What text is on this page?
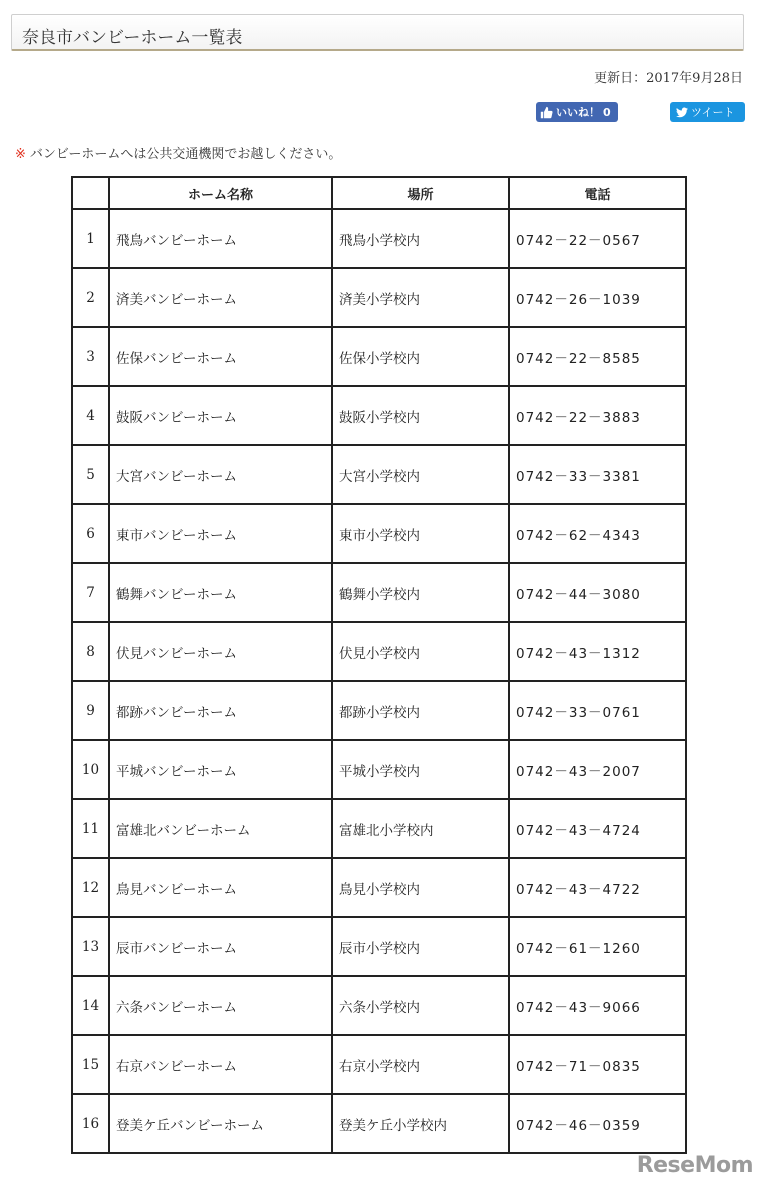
奈良市バンビーホーム一覧表
更新日：2017年9月28日
いいね！ 0	ツイート
※ バンビーホームへは公共交通機関でお越しください。
	ホーム名称	場所	電話
1	飛鳥バンビーホーム	飛鳥小学校内	0742－22－0567
2	済美バンビーホーム	済美小学校内	0742－26－1039
3	佐保バンビーホーム	佐保小学校内	0742－22－8585
4	鼓阪バンビーホーム	鼓阪小学校内	0742－22－3883
5	大宮バンビーホーム	大宮小学校内	0742－33－3381
6	東市バンビーホーム	東市小学校内	0742－62－4343
7	鶴舞バンビーホーム	鶴舞小学校内	0742－44－3080
8	伏見バンビーホーム	伏見小学校内	0742－43－1312
9	都跡バンビーホーム	都跡小学校内	0742－33－0761
10	平城バンビーホーム	平城小学校内	0742－43－2007
11	富雄北バンビーホーム	富雄北小学校内	0742－43－4724
12	鳥見バンビーホーム	鳥見小学校内	0742－43－4722
13	辰市バンビーホーム	辰市小学校内	0742－61－1260
14	六条バンビーホーム	六条小学校内	0742－43－9066
15	右京バンビーホーム	右京小学校内	0742－71－0835
16	登美ケ丘バンビーホーム	登美ケ丘小学校内	0742－46－0359
ReseMom
